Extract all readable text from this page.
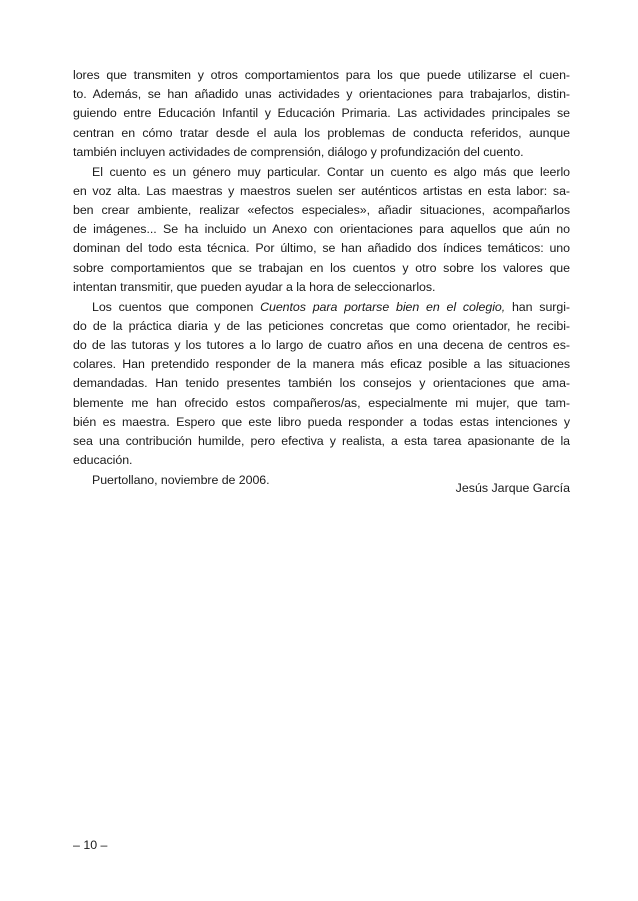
lores que transmiten y otros comportamientos para los que puede utilizarse el cuen-
to. Además, se han añadido unas actividades y orientaciones para trabajarlos, distin-
guiendo entre Educación Infantil y Educación Primaria. Las actividades principales se
centran en cómo tratar desde el aula los problemas de conducta referidos, aunque
también incluyen actividades de comprensión, diálogo y profundización del cuento.
El cuento es un género muy particular. Contar un cuento es algo más que leerlo
en voz alta. Las maestras y maestros suelen ser auténticos artistas en esta labor: sa-
ben crear ambiente, realizar «efectos especiales», añadir situaciones, acompañarlos
de imágenes... Se ha incluido un Anexo con orientaciones para aquellos que aún no
dominan del todo esta técnica. Por último, se han añadido dos índices temáticos: uno
sobre comportamientos que se trabajan en los cuentos y otro sobre los valores que
intentan transmitir, que pueden ayudar a la hora de seleccionarlos.
Los cuentos que componen Cuentos para portarse bien en el colegio, han surgi-
do de la práctica diaria y de las peticiones concretas que como orientador, he recibi-
do de las tutoras y los tutores a lo largo de cuatro años en una decena de centros es-
colares. Han pretendido responder de la manera más eficaz posible a las situaciones
demandadas. Han tenido presentes también los consejos y orientaciones que ama-
blemente me han ofrecido estos compañeros/as, especialmente mi mujer, que tam-
bién es maestra. Espero que este libro pueda responder a todas estas intenciones y
sea una contribución humilde, pero efectiva y realista, a esta tarea apasionante de la
educación.
Puertollano, noviembre de 2006.
Jesús Jarque García
– 10 –
